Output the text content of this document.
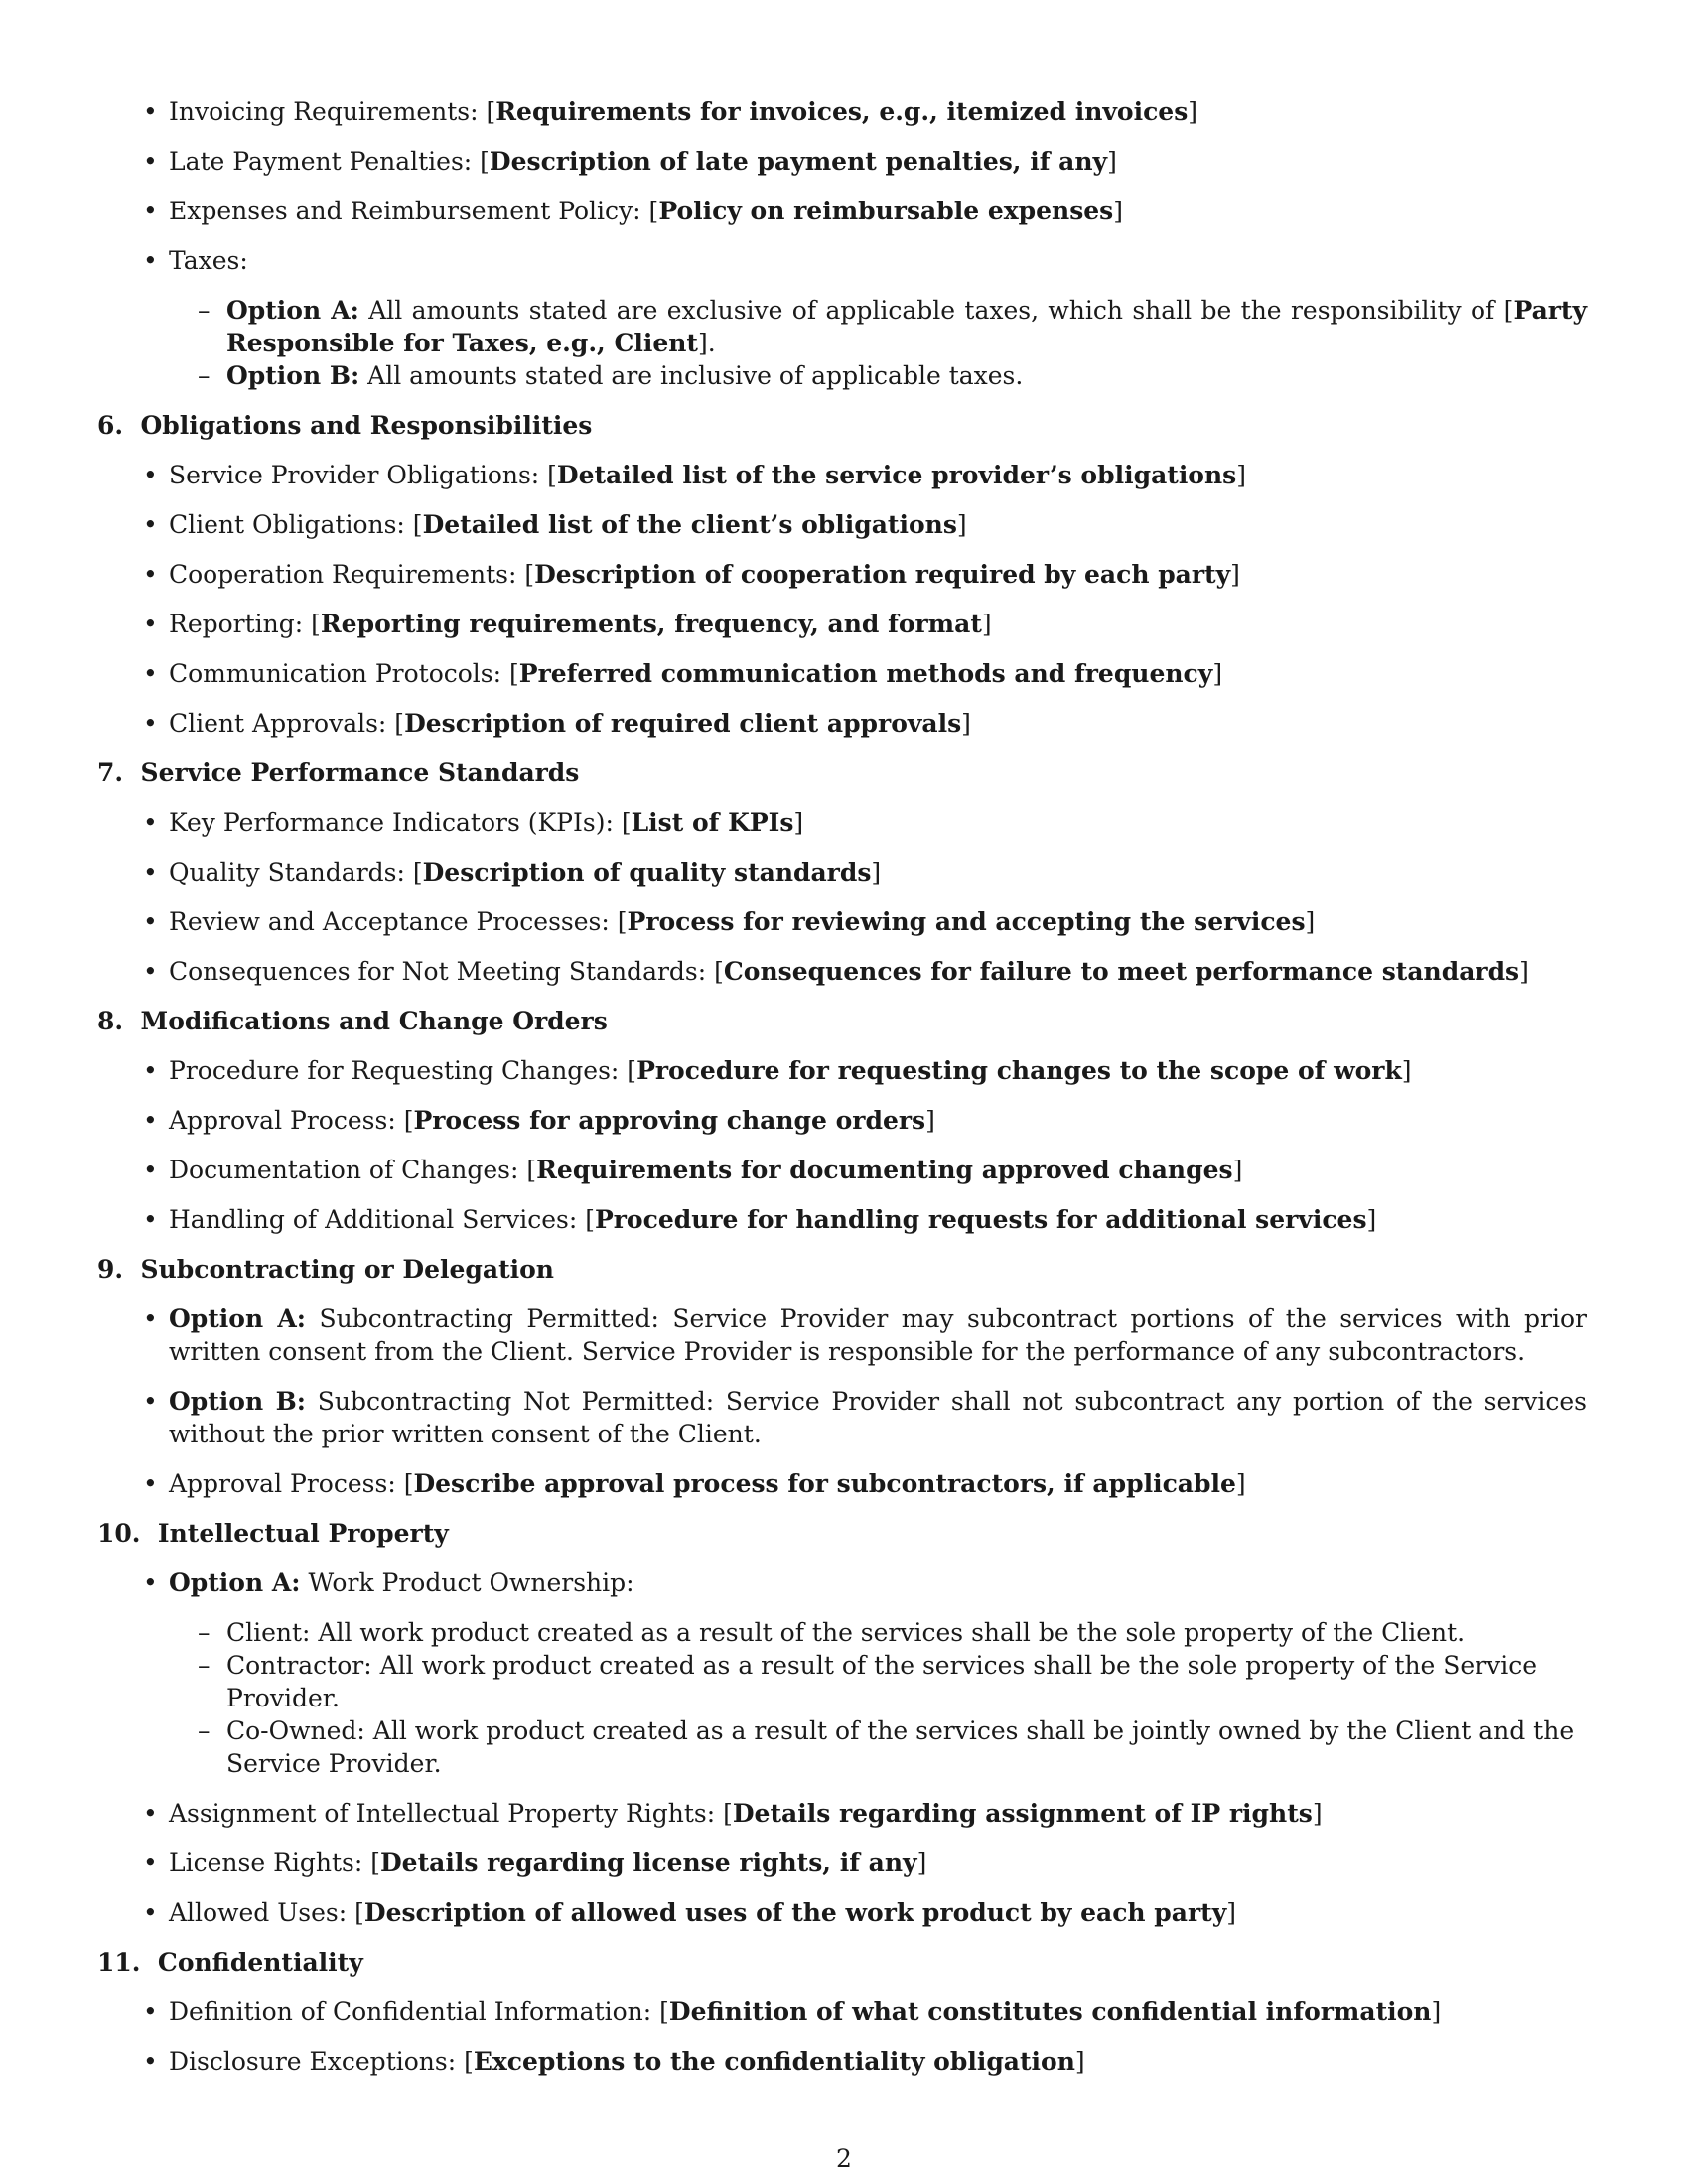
• Invoicing Requirements: [Requirements for invoices, e.g., itemized invoices]
• Late Payment Penalties: [Description of late payment penalties, if any]
• Expenses and Reimbursement Policy: [Policy on reimbursable expenses]
• Taxes:
– Option A: All amounts stated are exclusive of applicable taxes, which shall be the responsibility of [Party Responsible for Taxes, e.g., Client].
– Option B: All amounts stated are inclusive of applicable taxes.
6. Obligations and Responsibilities
• Service Provider Obligations: [Detailed list of the service provider’s obligations]
• Client Obligations: [Detailed list of the client’s obligations]
• Cooperation Requirements: [Description of cooperation required by each party]
• Reporting: [Reporting requirements, frequency, and format]
• Communication Protocols: [Preferred communication methods and frequency]
• Client Approvals: [Description of required client approvals]
7. Service Performance Standards
• Key Performance Indicators (KPIs): [List of KPIs]
• Quality Standards: [Description of quality standards]
• Review and Acceptance Processes: [Process for reviewing and accepting the services]
• Consequences for Not Meeting Standards: [Consequences for failure to meet performance standards]
8. Modifications and Change Orders
• Procedure for Requesting Changes: [Procedure for requesting changes to the scope of work]
• Approval Process: [Process for approving change orders]
• Documentation of Changes: [Requirements for documenting approved changes]
• Handling of Additional Services: [Procedure for handling requests for additional services]
9. Subcontracting or Delegation
• Option A: Subcontracting Permitted: Service Provider may subcontract portions of the services with prior written consent from the Client. Service Provider is responsible for the performance of any subcontractors.
• Option B: Subcontracting Not Permitted: Service Provider shall not subcontract any portion of the services without the prior written consent of the Client.
• Approval Process: [Describe approval process for subcontractors, if applicable]
10. Intellectual Property
• Option A: Work Product Ownership:
– Client: All work product created as a result of the services shall be the sole property of the Client.
– Contractor: All work product created as a result of the services shall be the sole property of the Service Provider.
– Co-Owned: All work product created as a result of the services shall be jointly owned by the Client and the Service Provider.
• Assignment of Intellectual Property Rights: [Details regarding assignment of IP rights]
• License Rights: [Details regarding license rights, if any]
• Allowed Uses: [Description of allowed uses of the work product by each party]
11. Confidentiality
• Definition of Confidential Information: [Definition of what constitutes confidential information]
• Disclosure Exceptions: [Exceptions to the confidentiality obligation]
2
